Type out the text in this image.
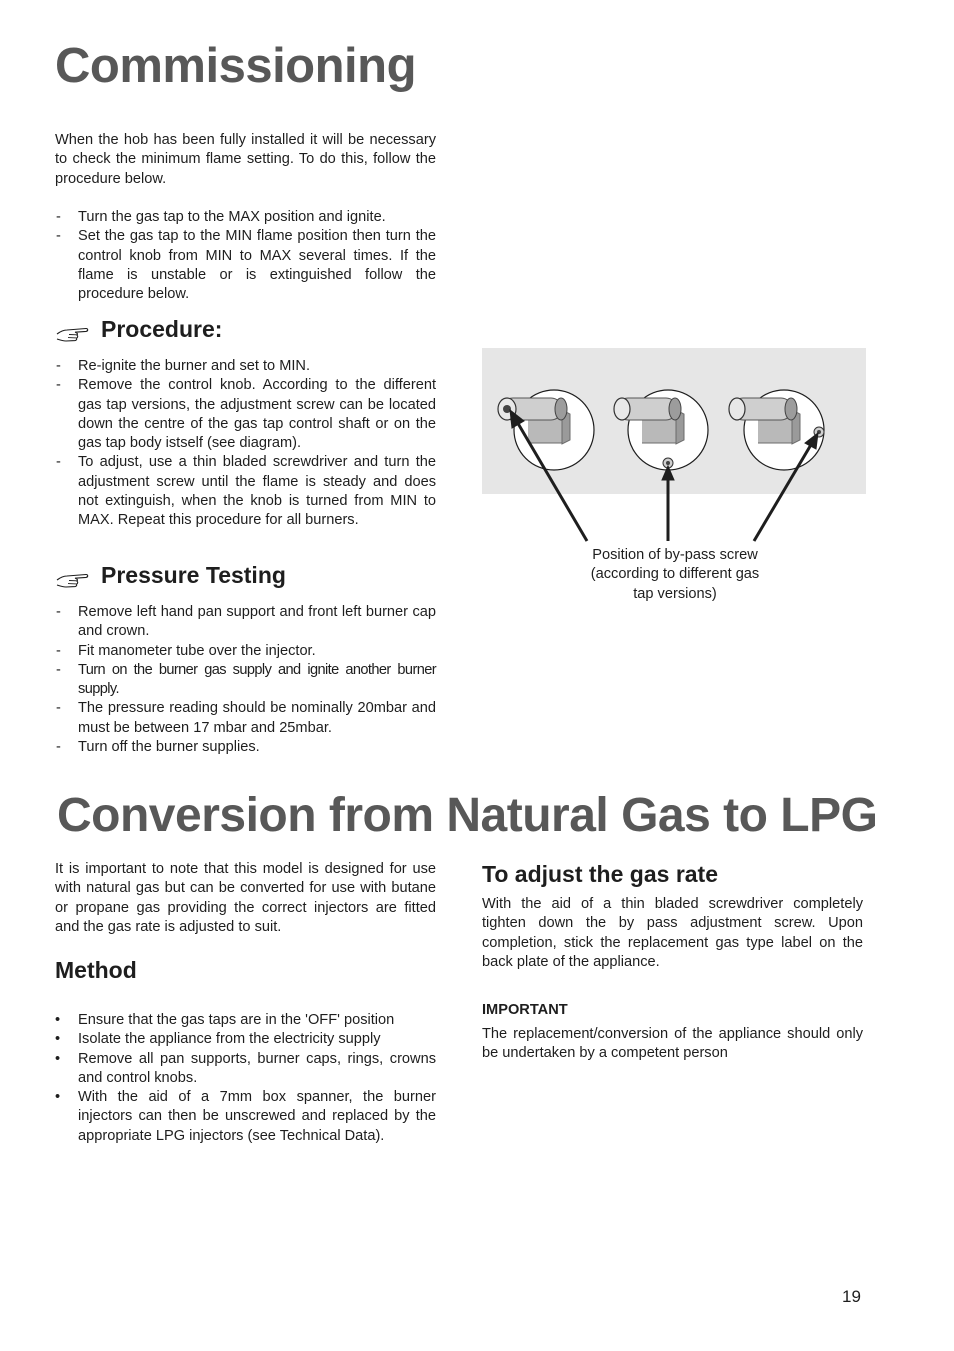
Commissioning

When the hob has been fully installed it will be necessary to check the minimum flame setting. To do this, follow the procedure below.

- Turn the gas tap to the MAX position and ignite.
- Set the gas tap to the MIN flame position then turn the control knob from MIN to MAX several times. If the flame is unstable or is extinguished follow the procedure below.
Procedure:
- Re-ignite the burner and set to MIN.
- Remove the control knob. According to the different gas tap versions, the adjustment screw can be located down the centre of the gas tap control shaft or on the gas tap body istself (see diagram).
- To adjust, use a thin bladed screwdriver and turn the adjustment screw until the flame is steady and does not extinguish, when the knob is turned from MIN to MAX. Repeat this procedure for all burners.
Pressure Testing
- Remove left hand pan support and front left burner cap and crown.
- Fit manometer tube over the injector.
- Turn on the burner gas supply and ignite another burner supply.
- The pressure reading should be nominally 20mbar and must be between 17 mbar and 25mbar.
- Turn off the burner supplies.
Position of by-pass screw
(according to different gas
tap versions)
Conversion from Natural Gas to LPG

It is important to note that this model is designed for use with natural gas but can be converted for use with butane or propane gas providing the correct injectors are fitted and the gas rate is adjusted to suit.

Method
• Ensure that the gas taps are in the 'OFF' position
• Isolate the appliance from the electricity supply
• Remove all pan supports, burner caps, rings, crowns and control knobs.
• With the aid of a 7mm box spanner, the burner injectors can then be unscrewed and replaced by the appropriate LPG injectors (see Technical Data).
To adjust the gas rate

With the aid of a thin bladed screwdriver completely tighten down the by pass adjustment screw. Upon completion, stick the replacement gas type label on the back plate of the appliance.

IMPORTANT

The replacement/conversion of the appliance should only be undertaken by a competent person

19
